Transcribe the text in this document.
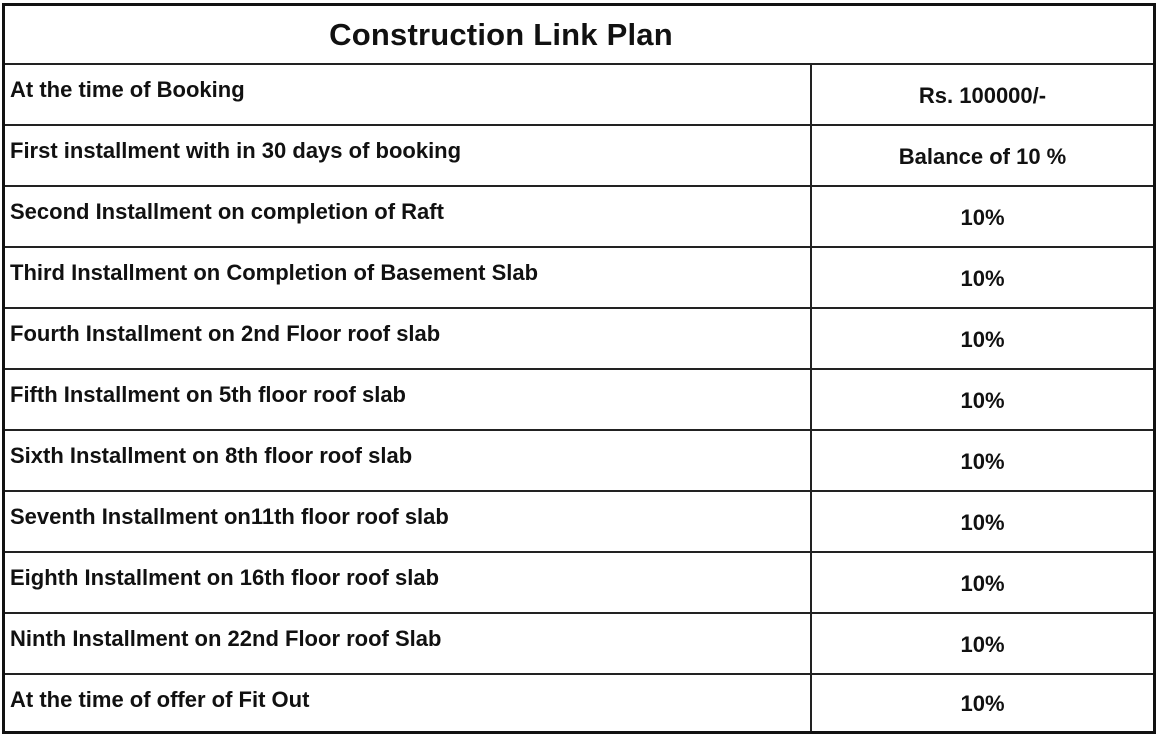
Construction Link Plan
At the time of Booking	Rs. 100000/-
First installment with in 30 days of booking	Balance of 10 %
Second Installment on completion of Raft	10%
Third Installment on Completion of Basement Slab	10%
Fourth Installment on 2nd Floor roof slab	10%
Fifth Installment on 5th floor roof slab	10%
Sixth Installment on 8th floor roof slab	10%
Seventh Installment on11th floor roof slab	10%
Eighth Installment on 16th floor roof slab	10%
Ninth Installment on 22nd Floor roof Slab	10%
At the time of offer of Fit Out	10%
